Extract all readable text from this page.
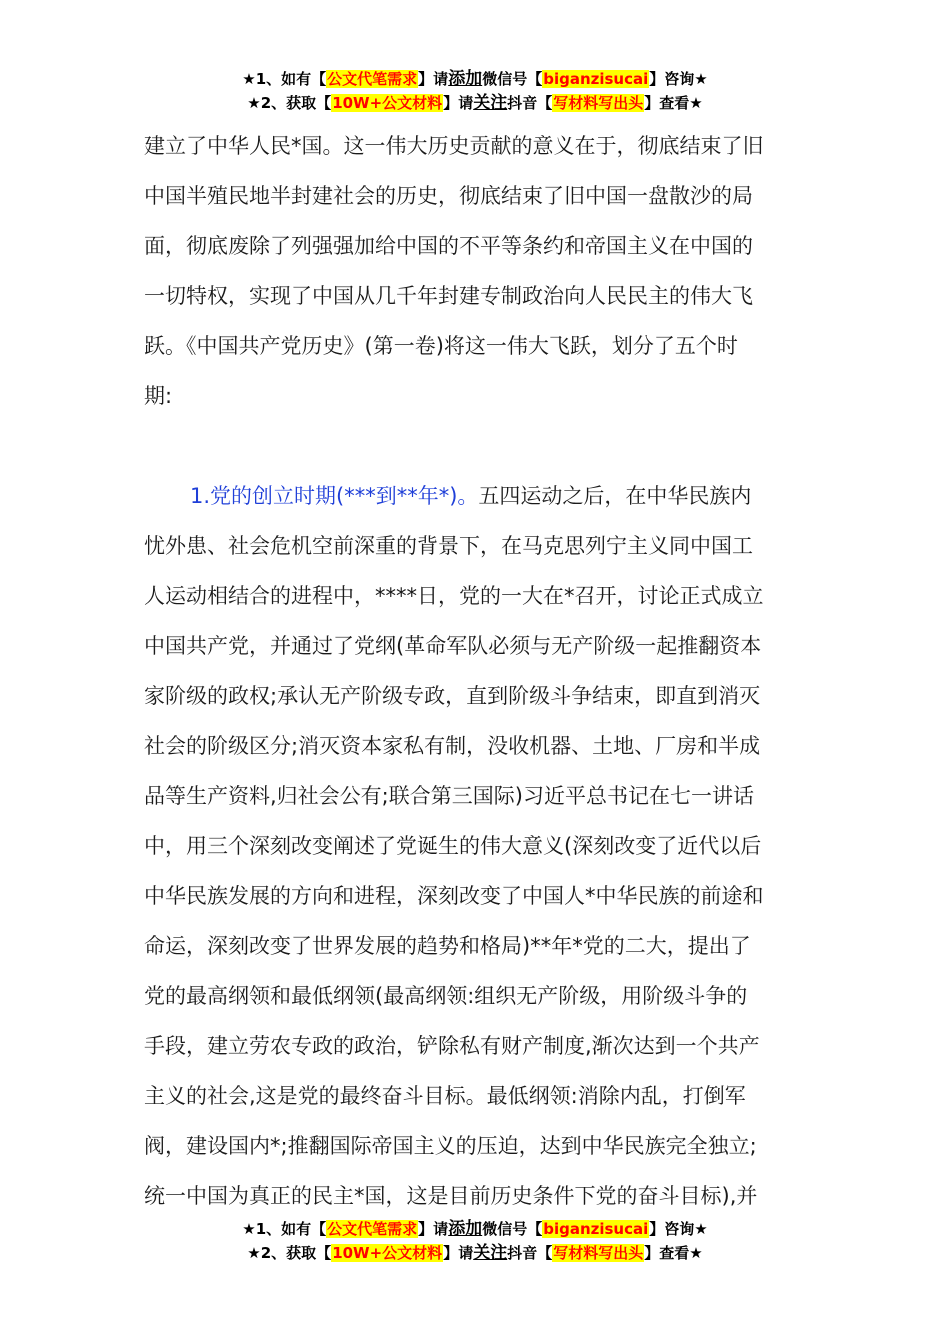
★1、如有【公文代笔需求】请添加微信号【biganzisucai】咨询★
★2、获取【10W+公文材料】请关注抖音【写材料写出头】查看★
建立了中华人民*国。这一伟大历史贡献的意义在于，彻底结束了旧
中国半殖民地半封建社会的历史，彻底结束了旧中国一盘散沙的局
面，彻底废除了列强强加给中国的不平等条约和帝国主义在中国的
一切特权，实现了中国从几千年封建专制政治向人民民主的伟大飞
跃。《中国共产党历史》(第一卷)将这一伟大飞跃，划分了五个时
期:
1.党的创立时期(***到**年*)。五四运动之后，在中华民族内
忧外患、社会危机空前深重的背景下，在马克思列宁主义同中国工
人运动相结合的进程中，****日，党的一大在*召开，讨论正式成立
中国共产党，并通过了党纲(革命军队必须与无产阶级一起推翻资本
家阶级的政权;承认无产阶级专政，直到阶级斗争结束，即直到消灭
社会的阶级区分;消灭资本家私有制，没收机器、土地、厂房和半成
品等生产资料,归社会公有;联合第三国际)习近平总书记在七一讲话
中，用三个深刻改变阐述了党诞生的伟大意义(深刻改变了近代以后
中华民族发展的方向和进程，深刻改变了中国人*中华民族的前途和
命运，深刻改变了世界发展的趋势和格局)**年*党的二大，提出了
党的最高纲领和最低纲领(最高纲领:组织无产阶级，用阶级斗争的
手段，建立劳农专政的政治，铲除私有财产制度,渐次达到一个共产
主义的社会,这是党的最终奋斗目标。最低纲领:消除内乱，打倒军
阀，建设国内*;推翻国际帝国主义的压迫，达到中华民族完全独立;
统一中国为真正的民主*国，这是目前历史条件下党的奋斗目标),并
★1、如有【公文代笔需求】请添加微信号【biganzisucai】咨询★
★2、获取【10W+公文材料】请关注抖音【写材料写出头】查看★
